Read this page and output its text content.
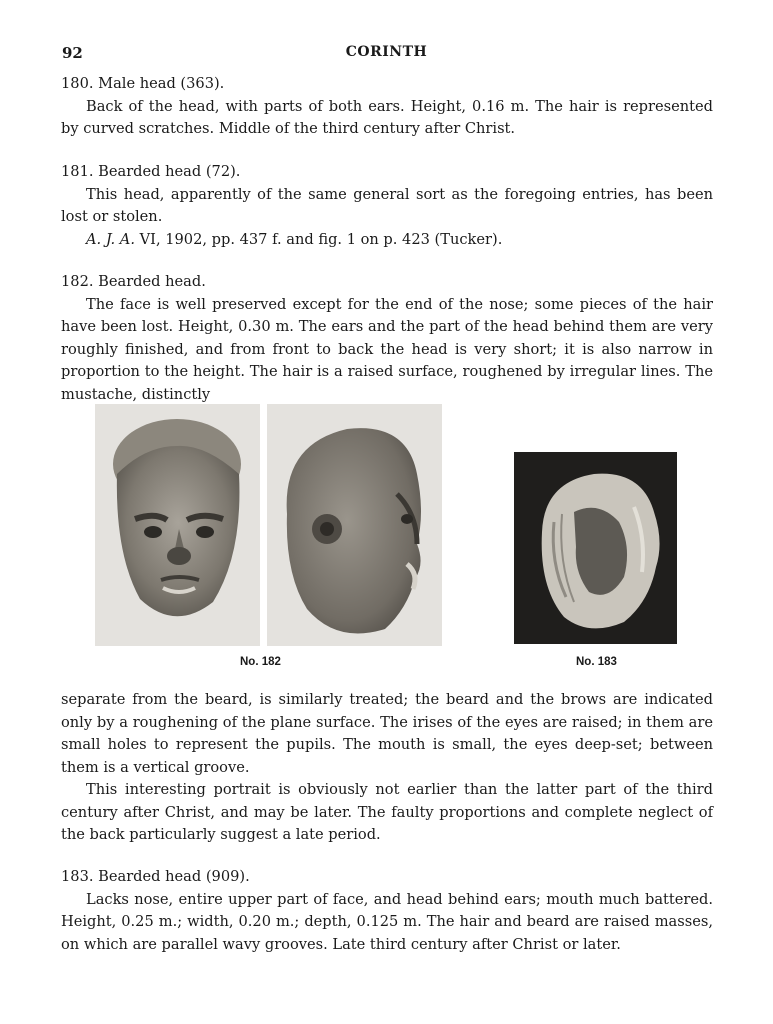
92	CORINTH

180. Male head (363).

Back of the head, with parts of both ears. Height, 0.16 m. The hair is represented by curved scratches. Middle of the third century after Christ.

181. Bearded head (72).

This head, apparently of the same general sort as the foregoing entries, has been lost or stolen.

A. J. A. VI, 1902, pp. 437 f. and fig. 1 on p. 423 (Tucker).

182. Bearded head.

The face is well preserved except for the end of the nose; some pieces of the hair have been lost. Height, 0.30 m. The ears and the part of the head behind them are very roughly finished, and from front to back the head is very short; it is also narrow in proportion to the height. The hair is a raised surface, roughened by irregular lines. The mustache, distinctly

No. 182	No. 183

separate from the beard, is similarly treated; the beard and the brows are indicated only by a roughening of the plane surface. The irises of the eyes are raised; in them are small holes to represent the pupils. The mouth is small, the eyes deep-set; between them is a vertical groove.

This interesting portrait is obviously not earlier than the latter part of the third century after Christ, and may be later. The faulty proportions and complete neglect of the back particularly suggest a late period.

183. Bearded head (909).

Lacks nose, entire upper part of face, and head behind ears; mouth much battered. Height, 0.25 m.; width, 0.20 m.; depth, 0.125 m. The hair and beard are raised masses, on which are parallel wavy grooves. Late third century after Christ or later.
